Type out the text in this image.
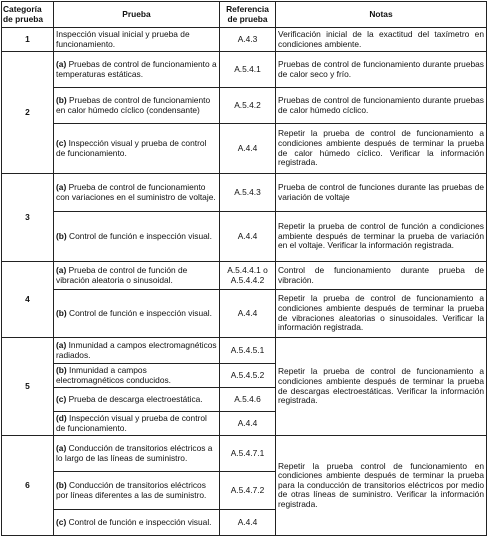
Categoría de prueba	Prueba	Referencia de prueba	Notas
1	Inspección visual inicial y prueba de funcionamiento.	A.4.3	Verificación inicial de la exactitud del taxímetro en condiciones ambiente.
2	(a) Pruebas de control de funcionamiento a temperaturas estáticas.	A.5.4.1	Pruebas de control de funcionamiento durante pruebas de calor seco y frío.
	(b) Pruebas de control de funcionamiento en calor húmedo cíclico (condensante)	A.5.4.2	Pruebas de control de funcionamiento durante pruebas de calor húmedo cíclico.
	(c) Inspección visual y prueba de control de funcionamiento.	A.4.4	Repetir la prueba de control de funcionamiento a condiciones ambiente después de terminar la prueba de calor húmedo cíclico. Verificar la información registrada.
3	(a) Prueba de control de funcionamiento con variaciones en el suministro de voltaje.	A.5.4.3	Prueba de control de funciones durante las pruebas de variación de voltaje
	(b) Control de función e inspección visual.	A.4.4	Repetir la prueba de control de función a condiciones ambiente después de terminar la prueba de variación en el voltaje. Verificar la información registrada.
4	(a) Prueba de control de función de vibración aleatoria o sinusoidal.	A.5.4.4.1 o A.5.4.4.2	Control de funcionamiento durante prueba de vibración.
	(b) Control de función e inspección visual.	A.4.4	Repetir la prueba de control de funcionamiento a condiciones ambiente después de terminar la prueba de vibraciones aleatorias o sinusoidales. Verificar la información registrada.
5	(a) Inmunidad a campos electromagnéticos radiados.	A.5.4.5.1	Repetir la prueba de control de funcionamiento a condiciones ambiente después de terminar la prueba de descargas electroestáticas. Verificar la información registrada.
	(b) Inmunidad a campos electromagnéticos conducidos.	A.5.4.5.2	
	(c) Prueba de descarga electroestática.	A.5.4.6	
	(d) Inspección visual y prueba de control de funcionamiento.	A.4.4	
6	(a) Conducción de transitorios eléctricos a lo largo de las líneas de suministro.	A.5.4.7.1	Repetir la prueba control de funcionamiento en condiciones ambiente después de terminar la prueba para la conducción de transitorios eléctricos por medio de otras líneas de suministro. Verificar la información registrada.
	(b) Conducción de transitorios eléctricos por líneas diferentes a las de suministro.	A.5.4.7.2	
	(c) Control de función e inspección visual.	A.4.4	
